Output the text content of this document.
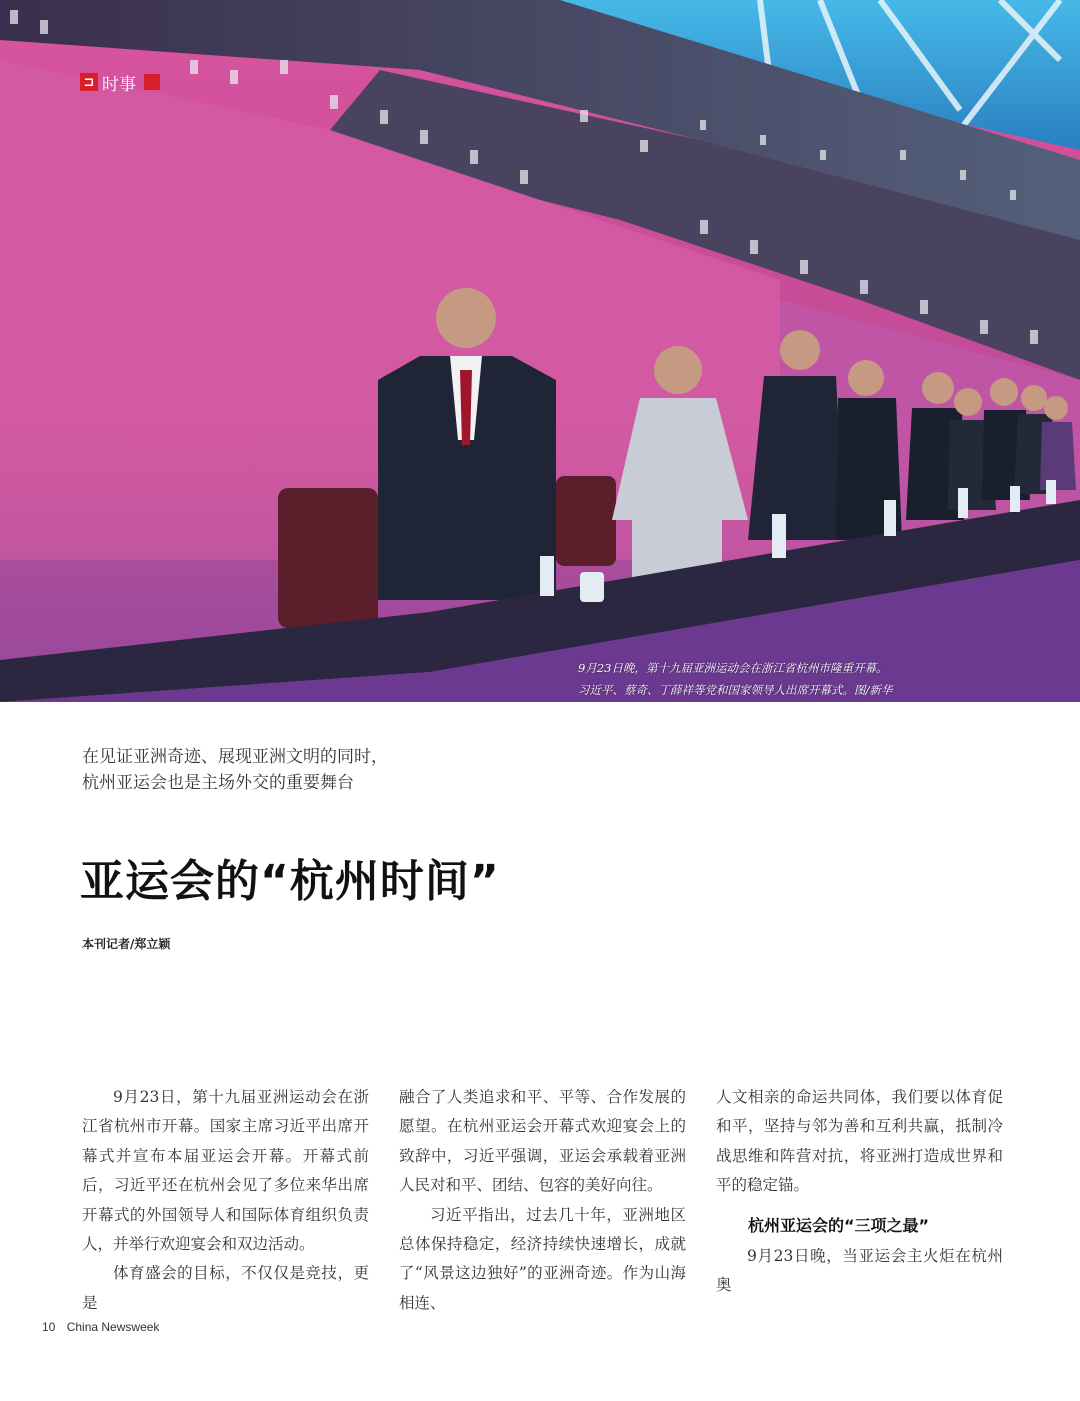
⊐ 时事
9月23日晚，第十九届亚洲运动会在浙江省杭州市隆重开幕。
习近平、蔡奇、丁薛祥等党和国家领导人出席开幕式。图/新华
在见证亚洲奇迹、展现亚洲文明的同时，
杭州亚运会也是主场外交的重要舞台
亚运会的“杭州时间”
本刊记者/郑立颖

9月23日，第十九届亚洲运动会在浙江省杭州市开幕。国家主席习近平出席开幕式并宣布本届亚运会开幕。开幕式前后，习近平还在杭州会见了多位来华出席开幕式的外国领导人和国际体育组织负责人，并举行欢迎宴会和双边活动。

体育盛会的目标，不仅仅是竞技，更是

融合了人类追求和平、平等、合作发展的愿望。在杭州亚运会开幕式欢迎宴会上的致辞中，习近平强调，亚运会承载着亚洲人民对和平、团结、包容的美好向往。

习近平指出，过去几十年，亚洲地区总体保持稳定，经济持续快速增长，成就了“风景这边独好”的亚洲奇迹。作为山海相连、

人文相亲的命运共同体，我们要以体育促和平，坚持与邻为善和互利共赢，抵制冷战思维和阵营对抗，将亚洲打造成世界和平的稳定锚。

杭州亚运会的“三项之最”

9月23日晚，当亚运会主火炬在杭州奥

10 China Newsweek
